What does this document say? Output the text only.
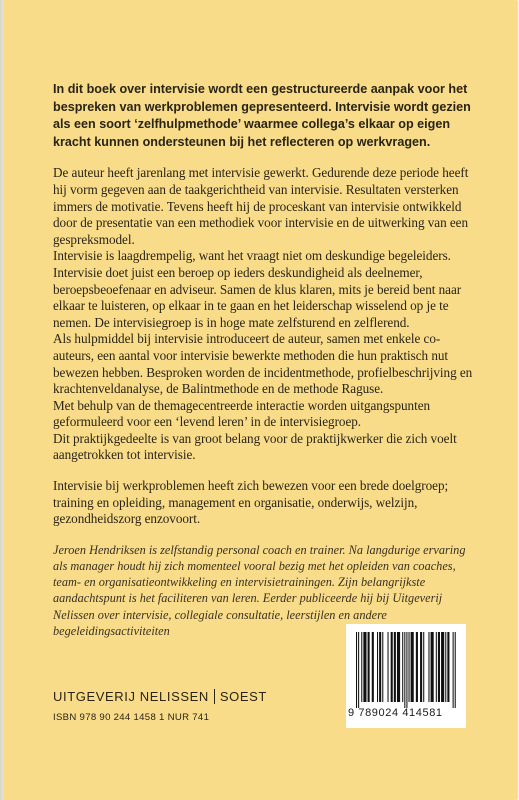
In dit boek over intervisie wordt een gestructureerde aanpak voor het bespreken van werkproblemen gepresenteerd. Intervisie wordt gezien als een soort ‘zelfhulpmethode’ waarmee collega’s elkaar op eigen kracht kunnen ondersteunen bij het reflecteren op werkvragen.

De auteur heeft jarenlang met intervisie gewerkt. Gedurende deze periode heeft hij vorm gegeven aan de taakgerichtheid van intervisie. Resultaten versterken immers de motivatie. Tevens heeft hij de proceskant van intervisie ontwikkeld door de presentatie van een methodiek voor intervisie en de uitwerking van een gespreksmodel.

Intervisie is laagdrempelig, want het vraagt niet om deskundige begeleiders. Intervisie doet juist een beroep op ieders deskundigheid als deelnemer, beroepsbeoefenaar en adviseur. Samen de klus klaren, mits je bereid bent naar elkaar te luisteren, op elkaar in te gaan en het leiderschap wisselend op je te nemen. De intervisiegroep is in hoge mate zelfsturend en zelflerend.

Als hulpmiddel bij intervisie introduceert de auteur, samen met enkele co-auteurs, een aantal voor intervisie bewerkte methoden die hun praktisch nut bewezen hebben. Besproken worden de incidentmethode, profielbeschrijving en krachtenveldanalyse, de Balintmethode en de methode Raguse.

Met behulp van de themagecentreerde interactie worden uitgangspunten geformuleerd voor een ‘levend leren’ in de intervisiegroep.

Dit praktijkgedeelte is van groot belang voor de praktijkwerker die zich voelt aangetrokken tot intervisie.

Intervisie bij werkproblemen heeft zich bewezen voor een brede doelgroep; training en opleiding, management en organisatie, onderwijs, welzijn, gezondheidszorg enzovoort.

Jeroen Hendriksen is zelfstandig personal coach en trainer. Na langdurige ervaring als manager houdt hij zich momenteel vooral bezig met het opleiden van coaches, team- en organisatieontwikkeling en intervisietrainingen. Zijn belangrijkste aandachtspunt is het faciliteren van leren. Eerder publiceerde hij bij Uitgeverij Nelissen over intervisie, collegiale consultatie, leerstijlen en andere begeleidingsactiviteiten

UITGEVERIJ NELISSEN SOEST
ISBN 978 90 244 1458 1 NUR 741	9 789024 414581
